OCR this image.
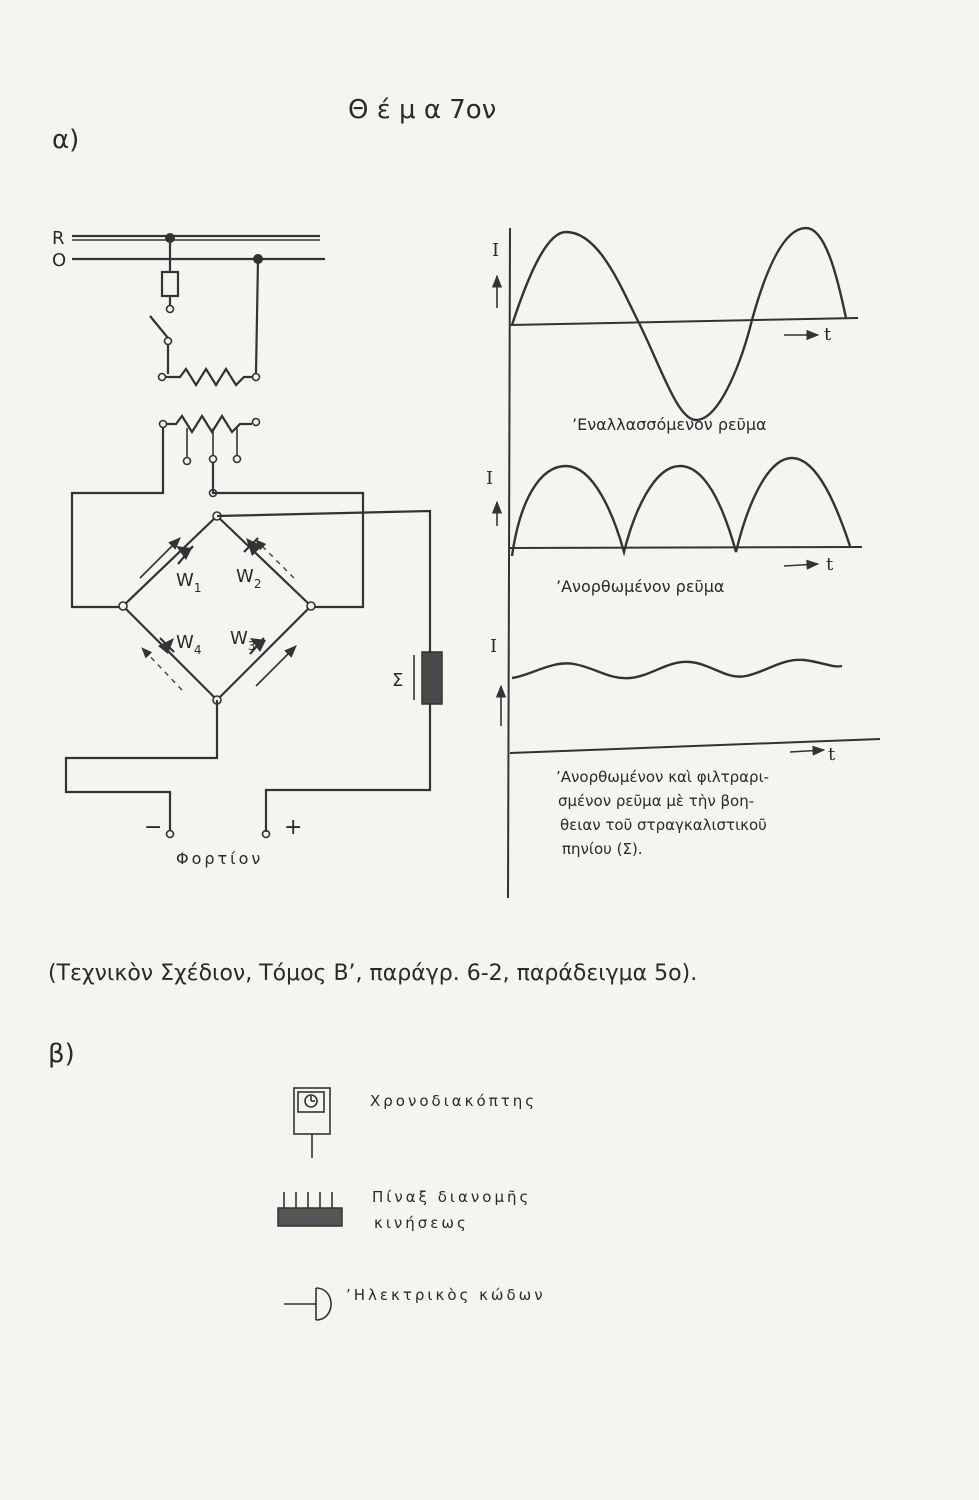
Θ έ μ α 7ον
α)
R
O
$W_1$
$W_2$
$W_4$
$W_3$
Σ
−	+
Φορτίον
I
t
’Εναλλασσόμενον ρεῦμα
I
t
’Ανορθωμένον ρεῦμα
I
t
’Ανορθωμένον καὶ φιλτραρι- σμένον ρεῦμα μὲ τὴν βοη- θειαν τοῦ στραγκαλιστικοῦ πηνίου (Σ).
(Τεχνικὸν Σχέδιον, Τόμος Β’, παράγρ. 6-2, παράδειγμα 5ο).
β)
Χρονοδιακόπτης
Πίναξ διανομῆς κινήσεως
’Ηλεκτρικὸς κώδων
